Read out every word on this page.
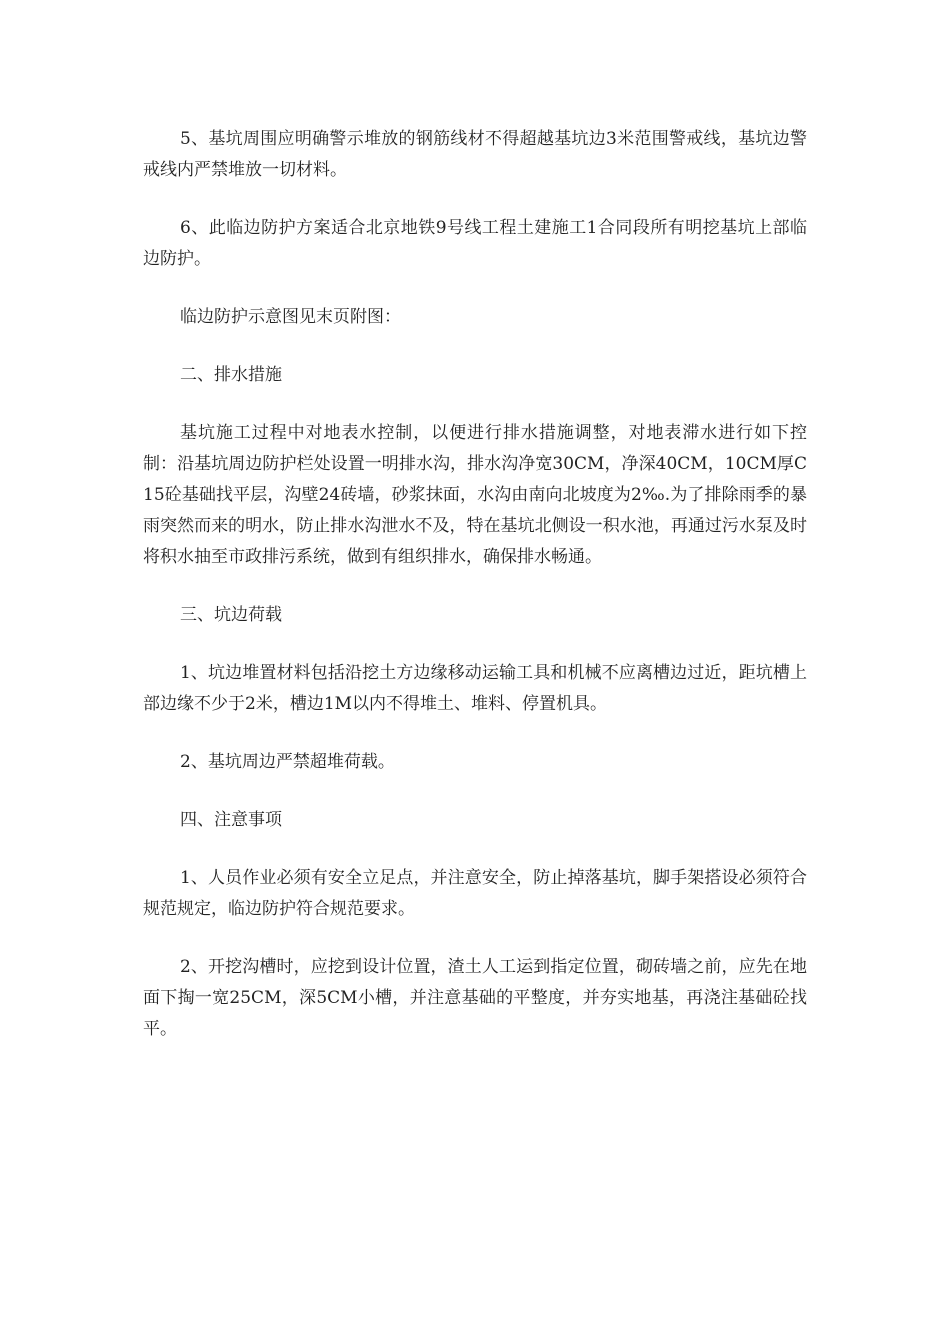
5、基坑周围应明确警示堆放的钢筋线材不得超越基坑边3米范围警戒线，基坑边警戒线内严禁堆放一切材料。

6、此临边防护方案适合北京地铁9号线工程土建施工1合同段所有明挖基坑上部临边防护。

临边防护示意图见末页附图：

二、排水措施

基坑施工过程中对地表水控制，以便进行排水措施调整，对地表滞水进行如下控制：沿基坑周边防护栏处设置一明排水沟，排水沟净宽30CM，净深40CM，10CM厚C15砼基础找平层，沟壁24砖墙，砂浆抹面，水沟由南向北坡度为2‰.为了排除雨季的暴雨突然而来的明水，防止排水沟泄水不及，特在基坑北侧设一积水池，再通过污水泵及时将积水抽至市政排污系统，做到有组织排水，确保排水畅通。

三、坑边荷载

1、坑边堆置材料包括沿挖土方边缘移动运输工具和机械不应离槽边过近，距坑槽上部边缘不少于2米，槽边1M以内不得堆土、堆料、停置机具。

2、基坑周边严禁超堆荷载。

四、注意事项

1、人员作业必须有安全立足点，并注意安全，防止掉落基坑，脚手架搭设必须符合规范规定，临边防护符合规范要求。

2、开挖沟槽时，应挖到设计位置，渣土人工运到指定位置，砌砖墙之前，应先在地面下掏一宽25CM，深5CM小槽，并注意基础的平整度，并夯实地基，再浇注基础砼找平。
